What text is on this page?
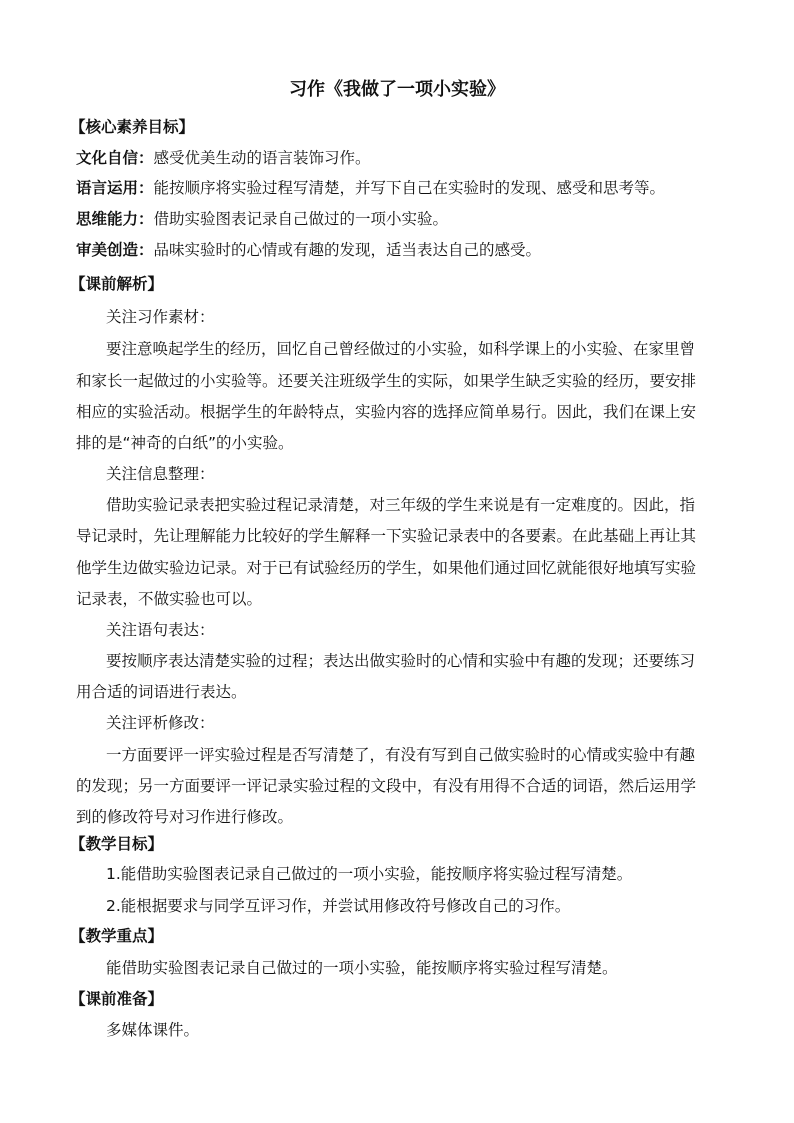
习作《我做了一项小实验》
【核心素养目标】
文化自信：感受优美生动的语言装饰习作。
语言运用：能按顺序将实验过程写清楚，并写下自己在实验时的发现、感受和思考等。
思维能力：借助实验图表记录自己做过的一项小实验。
审美创造：品味实验时的心情或有趣的发现，适当表达自己的感受。
【课前解析】
关注习作素材：
要注意唤起学生的经历，回忆自己曾经做过的小实验，如科学课上的小实验、在家里曾
和家长一起做过的小实验等。还要关注班级学生的实际，如果学生缺乏实验的经历，要安排
相应的实验活动。根据学生的年龄特点，实验内容的选择应简单易行。因此，我们在课上安
排的是“神奇的白纸”的小实验。
关注信息整理：
借助实验记录表把实验过程记录清楚，对三年级的学生来说是有一定难度的。因此，指
导记录时，先让理解能力比较好的学生解释一下实验记录表中的各要素。在此基础上再让其
他学生边做实验边记录。对于已有试验经历的学生，如果他们通过回忆就能很好地填写实验
记录表，不做实验也可以。
关注语句表达：
要按顺序表达清楚实验的过程；表达出做实验时的心情和实验中有趣的发现；还要练习
用合适的词语进行表达。
关注评析修改：
一方面要评一评实验过程是否写清楚了，有没有写到自己做实验时的心情或实验中有趣
的发现；另一方面要评一评记录实验过程的文段中，有没有用得不合适的词语，然后运用学
到的修改符号对习作进行修改。
【教学目标】
1.能借助实验图表记录自己做过的一项小实验，能按顺序将实验过程写清楚。
2.能根据要求与同学互评习作，并尝试用修改符号修改自己的习作。
【教学重点】
能借助实验图表记录自己做过的一项小实验，能按顺序将实验过程写清楚。
【课前准备】
多媒体课件。
